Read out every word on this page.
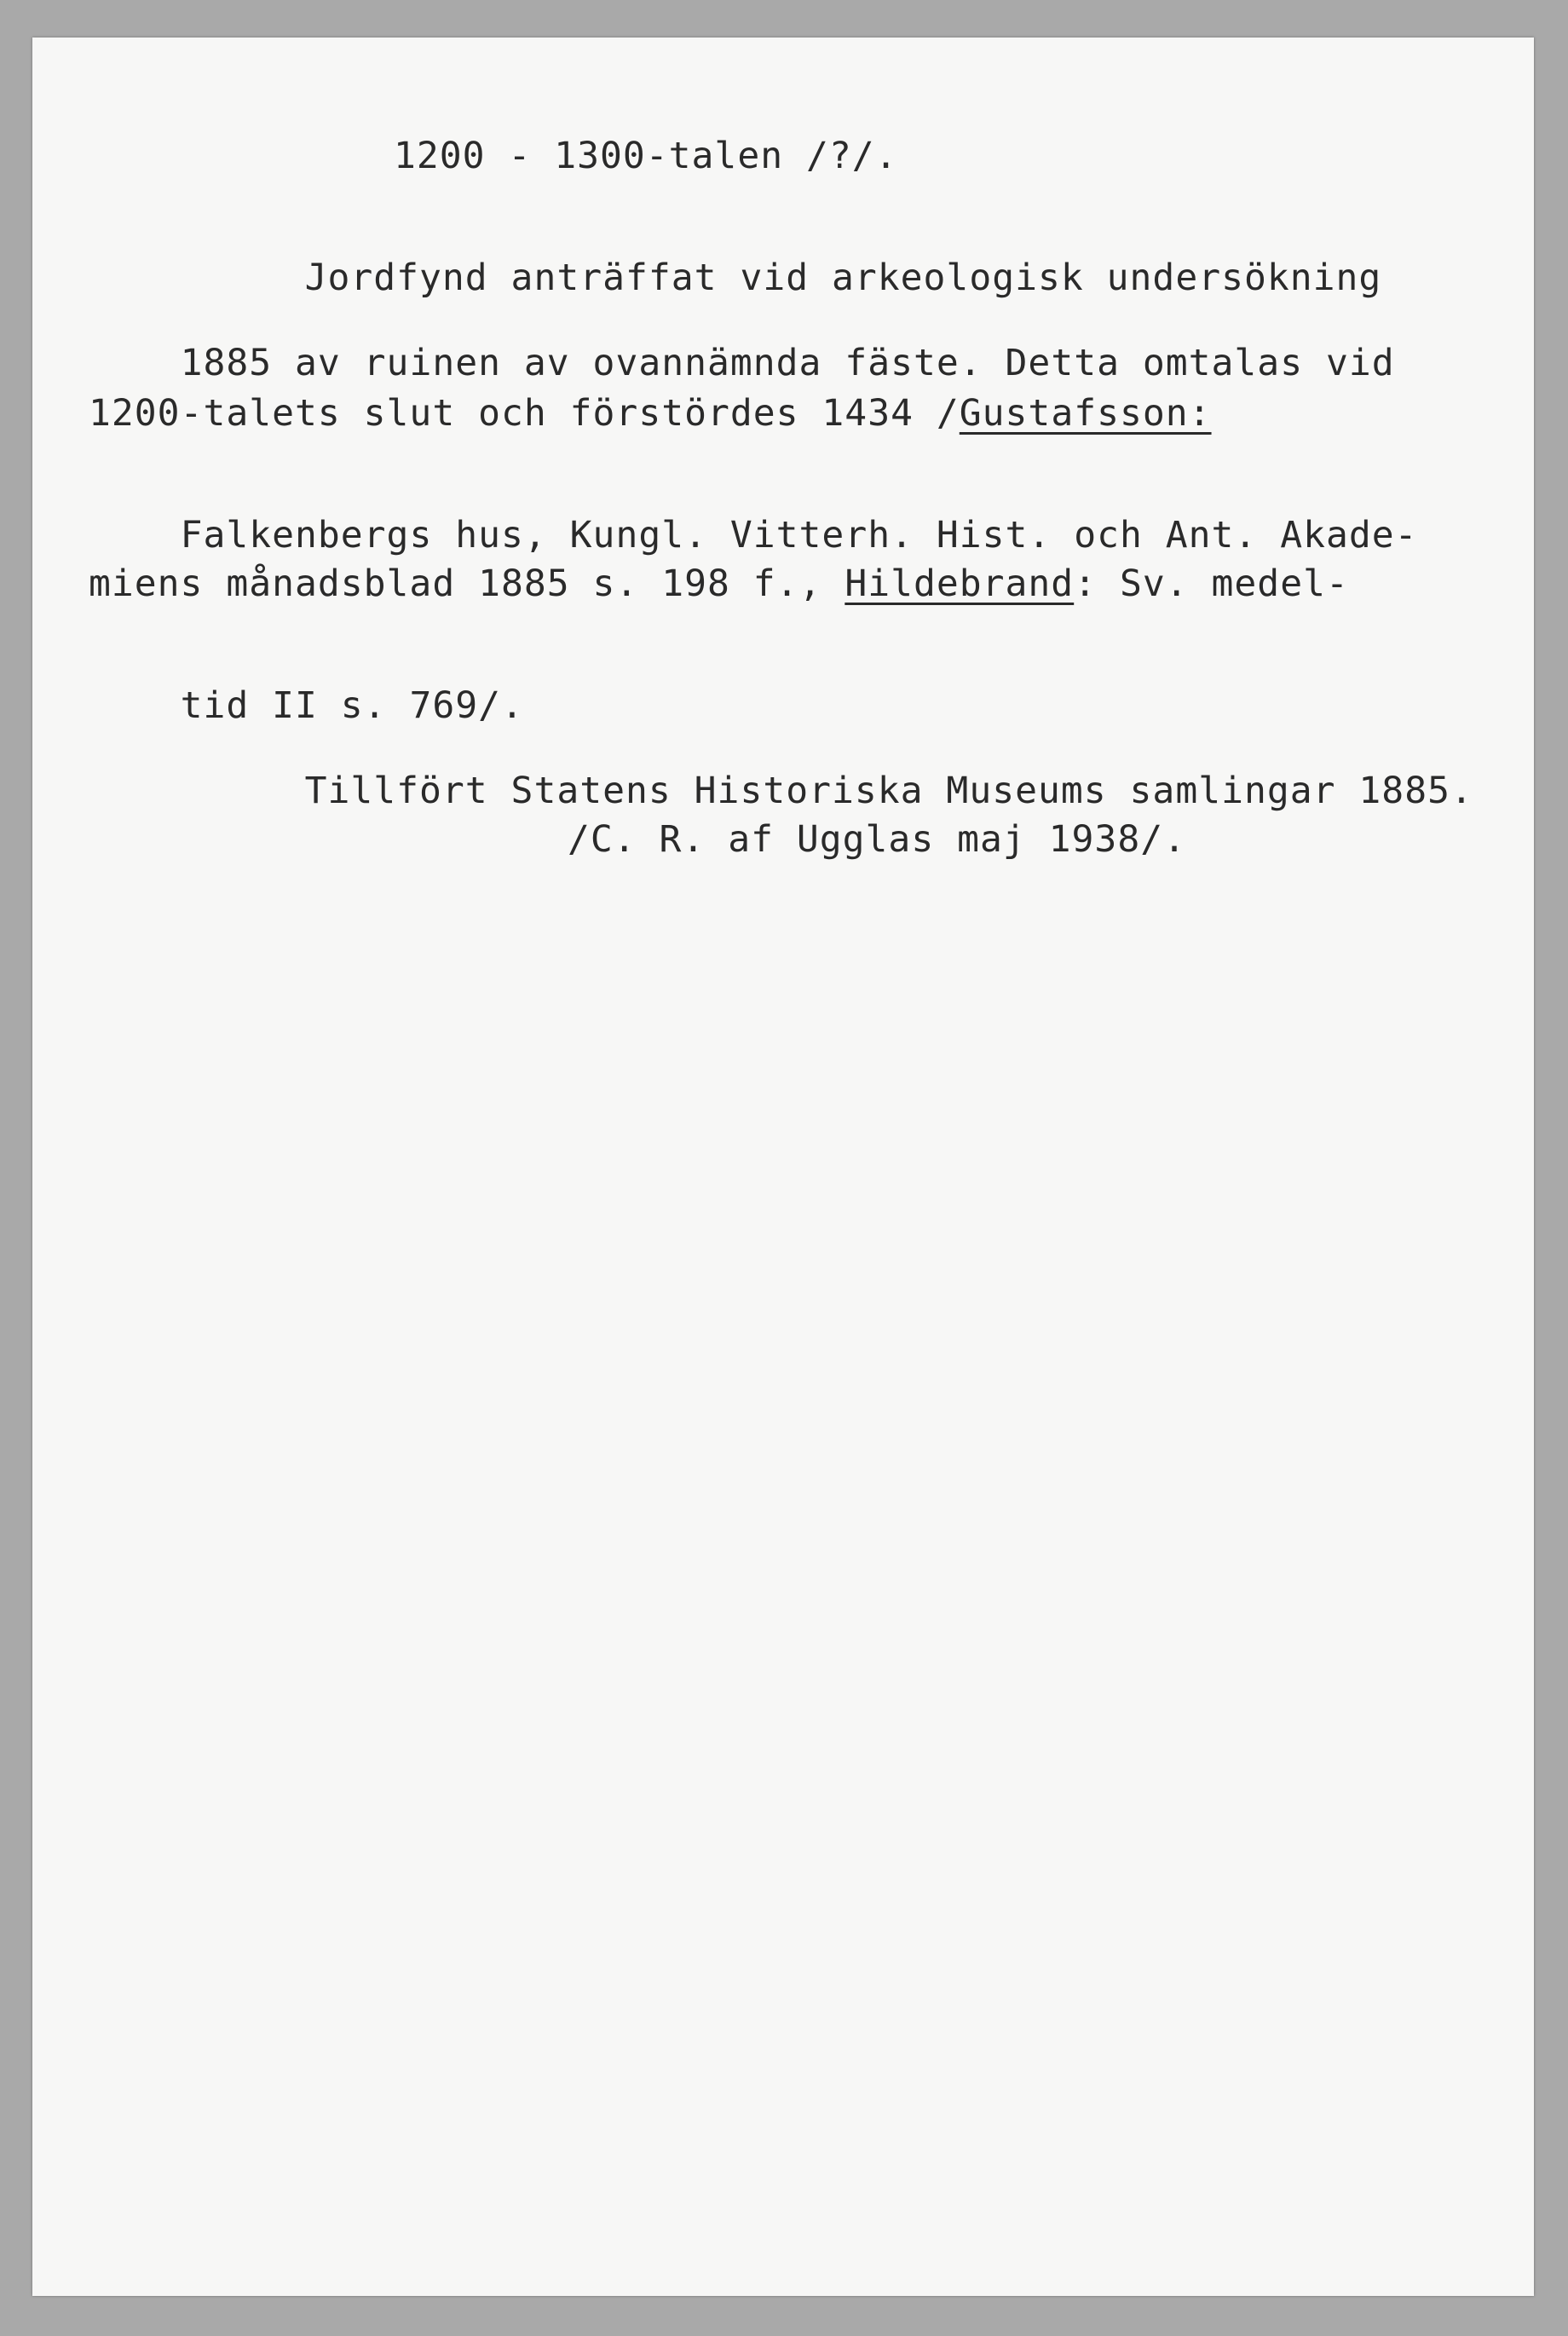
1200 - 1300-talen /?/.

Jordfynd anträffat vid arkeologisk undersökning

1885 av ruinen av ovannämnda fäste. Detta omtalas vid

1200-talets slut och förstördes 1434 /Gustafsson:

Falkenbergs hus, Kungl. Vitterh. Hist. och Ant. Akade-

miens månadsblad 1885 s. 198 f., Hildebrand: Sv. medel-

tid II s. 769/.

Tillfört Statens Historiska Museums samlingar 1885.

/C. R. af Ugglas maj 1938/.
